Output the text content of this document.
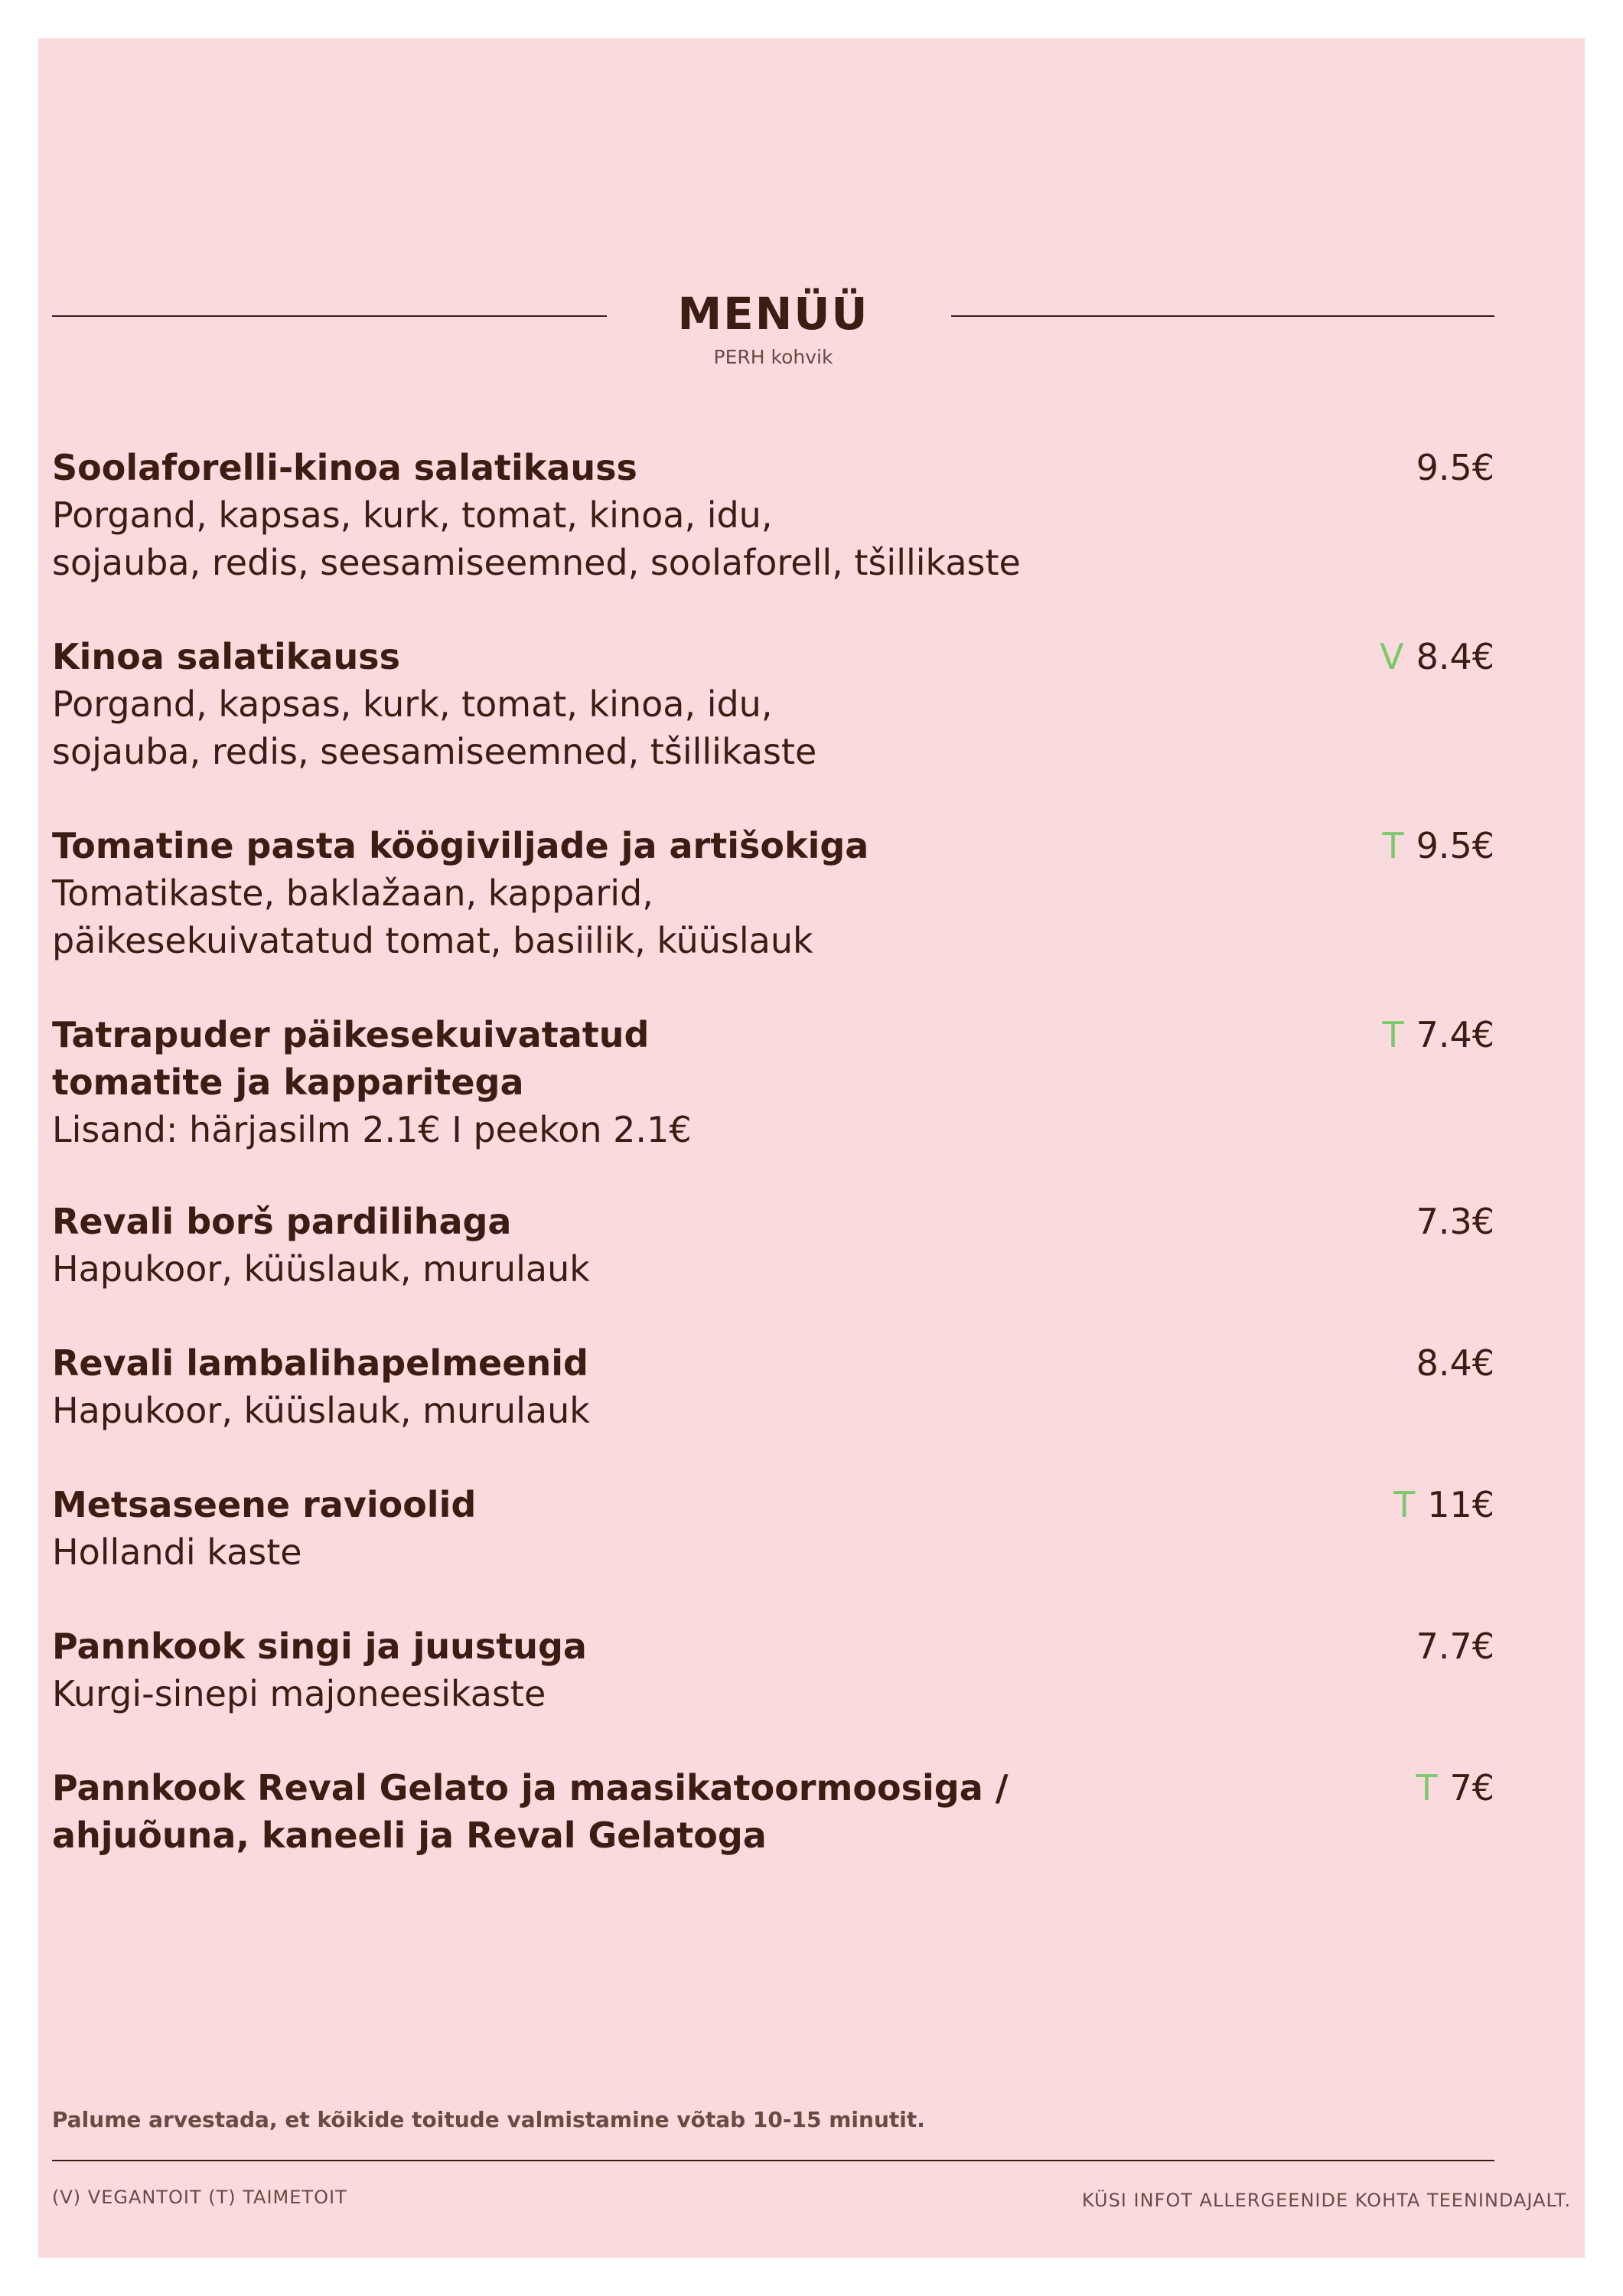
MENÜÜ
PERH kohvik

Soolaforelli-kinoa salatikauss

Porgand, kapsas, kurk, tomat, kinoa, idu,
sojauba, redis, seesamiseemned, soolaforell, tšillikaste

9.5€

Kinoa salatikauss

Porgand, kapsas, kurk, tomat, kinoa, idu,
sojauba, redis, seesamiseemned, tšillikaste

V 8.4€

Tomatine pasta köögiviljade ja artišokiga

Tomatikaste, baklažaan, kapparid,
päikesekuivatatud tomat, basiilik, küüslauk

T 9.5€

Tatrapuder päikesekuivatatud
tomatite ja kapparitega

Lisand: härjasilm 2.1€ I peekon 2.1€

T 7.4€

Revali borš pardilihaga

Hapukoor, küüslauk, murulauk

7.3€

Revali lambalihapelmeenid

Hapukoor, küüslauk, murulauk

8.4€

Metsaseene ravioolid

Hollandi kaste

T 11€

Pannkook singi ja juustuga

Kurgi-sinepi majoneesikaste

7.7€

Pannkook Reval Gelato ja maasikatoormoosiga /
ahjuõuna, kaneeli ja Reval Gelatoga

T 7€
Palume arvestada, et kõikide toitude valmistamine võtab 10-15 minutit.
(V) VEGANTOIT (T) TAIMETOIT	KÜSI INFOT ALLERGEENIDE KOHTA TEENINDAJALT.
